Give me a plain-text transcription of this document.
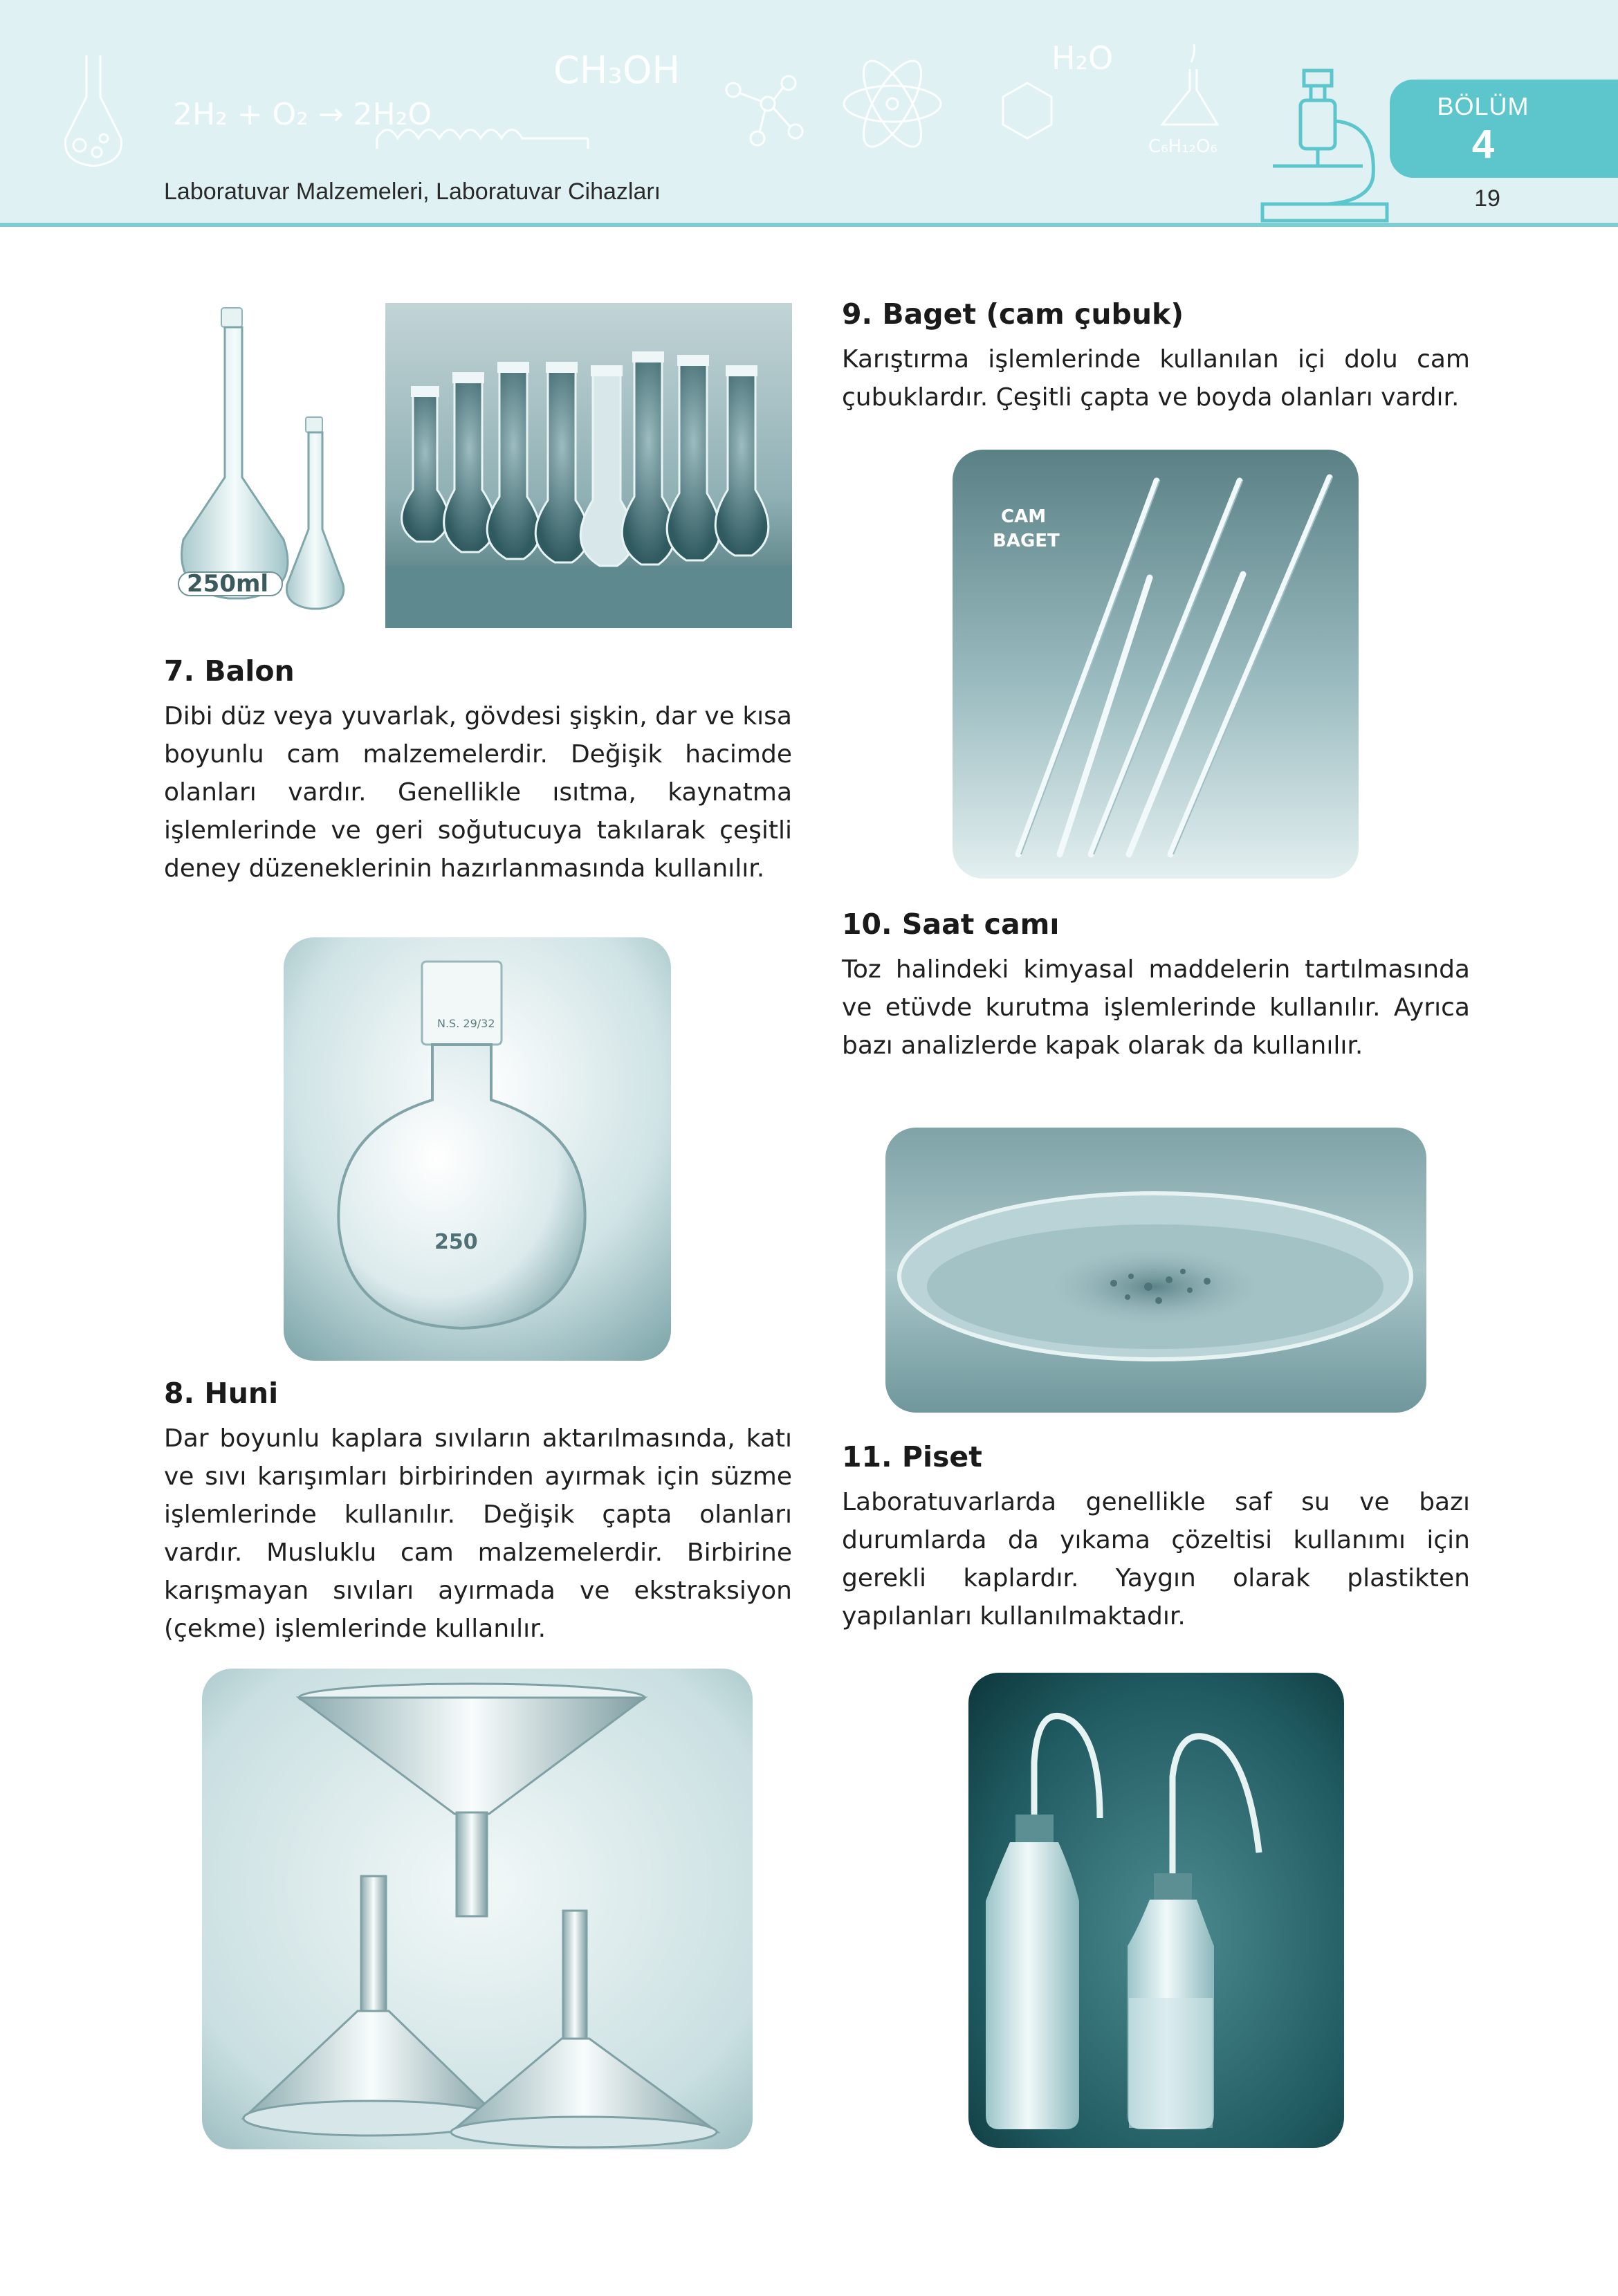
2H₂ + O₂ → 2H₂O
CH₃OH	H₂O
C₆H₁₂O₆
Laboratuvar Malzemeleri, Laboratuvar Cihazları
BÖLÜM
4
19
250ml
7. Balon

Dibi düz veya yuvarlak, gövdesi şişkin, dar ve kısa boyunlu cam malzemelerdir. Değişik hacimde olanları vardır. Genellikle ısıtma, kaynatma işlemlerinde ve geri soğutucuya takılarak çeşitli deney düzeneklerinin hazırlanmasında kullanılır.

N.S. 29/32
250
8. Huni

Dar boyunlu kaplara sıvıların aktarılmasında, katı ve sıvı karışımları birbirinden ayırmak için süzme işlemlerinde kullanılır. Değişik çapta olanları vardır. Musluklu cam malzemelerdir. Birbirine karışmayan sıvıları ayırmada ve ekstraksiyon (çekme) işlemlerinde kullanılır.

9. Baget (cam çubuk)

Karıştırma işlemlerinde kullanılan içi dolu cam çubuklardır. Çeşitli çapta ve boyda olanları vardır.

CAM
BAGET
10. Saat camı

Toz halindeki kimyasal maddelerin tartılmasında ve etüvde kurutma işlemlerinde kullanılır. Ayrıca bazı analizlerde kapak olarak da kullanılır.

11. Piset

Laboratuvarlarda genellikle saf su ve bazı durumlarda da yıkama çözeltisi kullanımı için gerekli kaplardır. Yaygın olarak plastikten yapılanları kullanılmaktadır.
